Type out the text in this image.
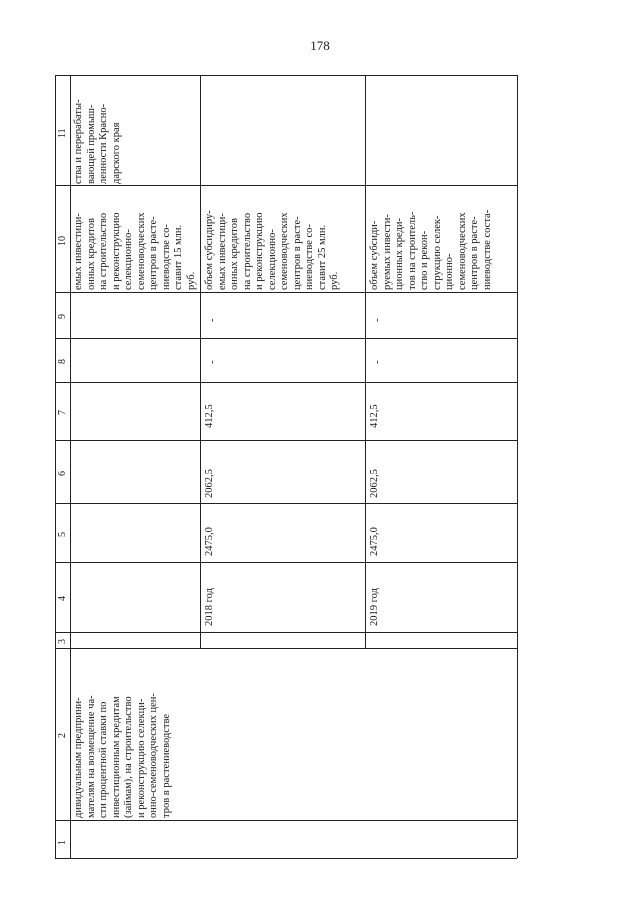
178
11
10
9
8
7
6
5
4
3
2
1
ства и перерабаты-
вающей промыш-
ленности Красно-
дарского края
емых инвестици-
онных кредитов
на строительство
и реконструкцию
селекционно-
семеноводческих
центров в расте-
ниеводстве со-
ставит 15 млн.
руб.
дивидуальным предприни-
мателям на возмещение ча-
сти процентной ставки по
инвестиционным кредитам
(займам), на строительство
и реконструкцию селекци-
онно-семеноводческих цен-
тров в растениеводстве
объем субсидиру-
емых инвестици-
онных кредитов
на строительство
и реконструкцию
селекционно-
семеноводческих
центров в расте-
ниеводстве со-
ставит 25 млн.
руб.
-
-
412,5
2062,5
2475,0
2018 год
объем субсиди-
руемых инвести-
ционных креди-
тов на строитель-
ство и рекон-
струкцию селек-
ционно-
семеноводческих
центров в расте-
ниеводстве соста-
-
-
412,5
2062,5
2475,0
2019 год
